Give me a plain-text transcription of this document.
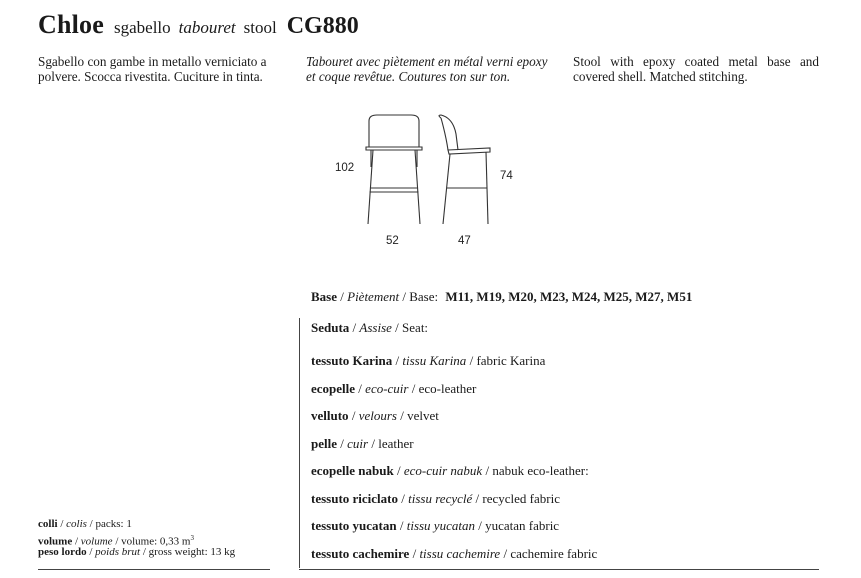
Chloe sgabello tabouret stool CG880
Sgabello con gambe in metallo verniciato a polvere. Scocca rivestita. Cuciture in tinta.
Tabouret avec piètement en métal verni epoxy et coque revêtue. Coutures ton sur ton.
Stool with epoxy coated metal base and covered shell. Matched stitching.
102
74
52	47
Base / Piètement / Base: M11, M19, M20, M23, M24, M25, M27, M51
Seduta / Assise / Seat:
tessuto Karina / tissu Karina / fabric Karina
ecopelle / eco-cuir / eco-leather
velluto / velours / velvet
pelle / cuir / leather
ecopelle nabuk / eco-cuir nabuk / nabuk eco-leather:
tessuto riciclato / tissu recyclé / recycled fabric
tessuto yucatan / tissu yucatan / yucatan fabric
tessuto cachemire / tissu cachemire / cachemire fabric
colli / colis / packs: 1
volume / volume / volume: 0,33 $m^3$
peso lordo / poids brut / gross weight: 13 kg
